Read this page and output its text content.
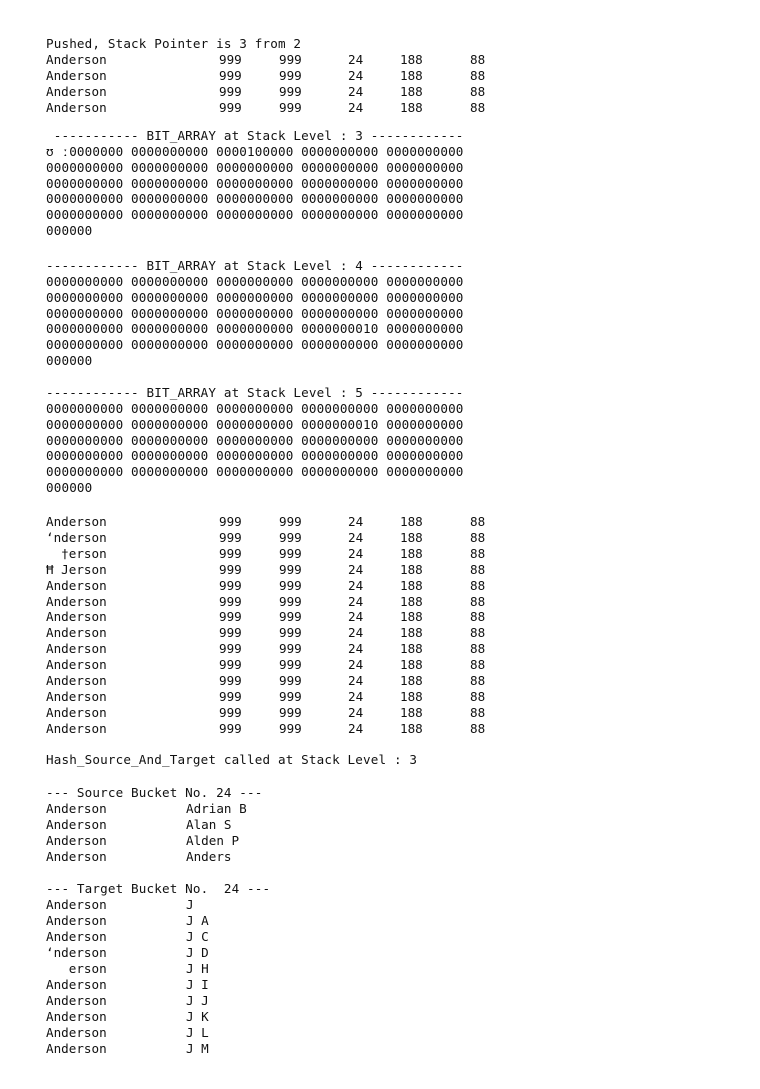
Pushed, Stack Pointer is 3 from 2
Anderson	999	999	24	188	88
Anderson	999	999	24	188	88
Anderson	999	999	24	188	88
Anderson	999	999	24	188	88
----------- BIT_ARRAY at Stack Level : 3 ------------
ʊ ː0000000 0000000000 0000100000 0000000000 0000000000
0000000000 0000000000 0000000000 0000000000 0000000000
0000000000 0000000000 0000000000 0000000000 0000000000
0000000000 0000000000 0000000000 0000000000 0000000000
0000000000 0000000000 0000000000 0000000000 0000000000
000000
------------ BIT_ARRAY at Stack Level : 4 ------------
0000000000 0000000000 0000000000 0000000000 0000000000
0000000000 0000000000 0000000000 0000000000 0000000000
0000000000 0000000000 0000000000 0000000000 0000000000
0000000000 0000000000 0000000000 0000000010 0000000000
0000000000 0000000000 0000000000 0000000000 0000000000
000000
------------ BIT_ARRAY at Stack Level : 5 ------------
0000000000 0000000000 0000000000 0000000000 0000000000
0000000000 0000000000 0000000000 0000000010 0000000000
0000000000 0000000000 0000000000 0000000000 0000000000
0000000000 0000000000 0000000000 0000000000 0000000000
0000000000 0000000000 0000000000 0000000000 0000000000
000000
Anderson	999	999	24	188	88
‘nderson	999	999	24	188	88
†erson	999	999	24	188	88
Ħ Jerson	999	999	24	188	88
Anderson	999	999	24	188	88
Anderson	999	999	24	188	88
Anderson	999	999	24	188	88
Anderson	999	999	24	188	88
Anderson	999	999	24	188	88
Anderson	999	999	24	188	88
Anderson	999	999	24	188	88
Anderson	999	999	24	188	88
Anderson	999	999	24	188	88
Anderson	999	999	24	188	88
Hash_Source_And_Target called at Stack Level : 3
--- Source Bucket No. 24 ---
Anderson	Adrian B
Anderson	Alan S
Anderson	Alden P
Anderson	Anders
--- Target Bucket No.  24 ---
Anderson	J
Anderson	J A
Anderson	J C
‘nderson	J D
erson	J H
Anderson	J I
Anderson	J J
Anderson	J K
Anderson	J L
Anderson	J M
